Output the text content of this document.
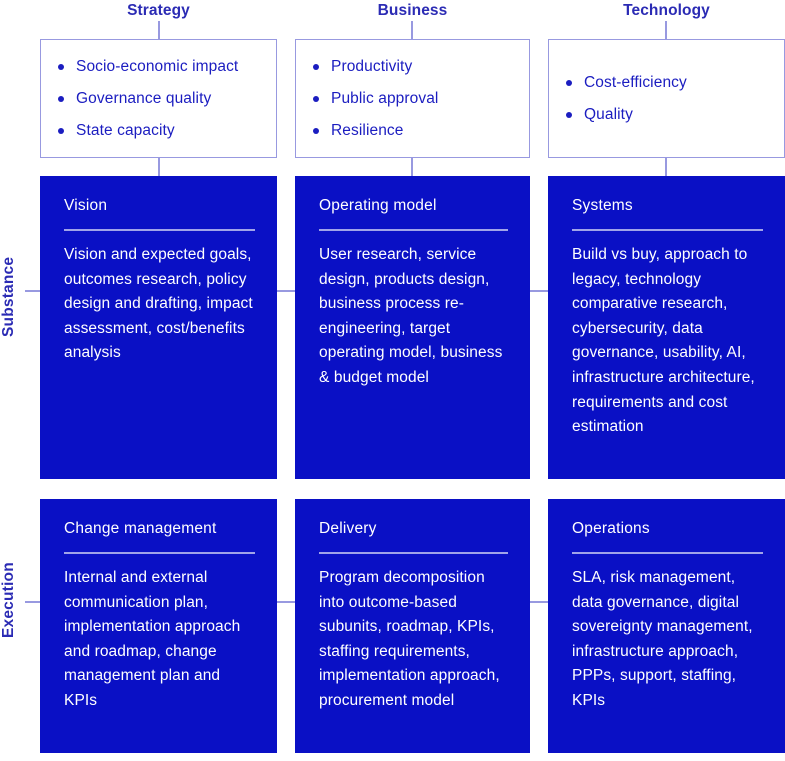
Strategy	Business	Technology
Substance
Execution
Socio-economic impact
Governance quality
State capacity
Productivity
Public approval
Resilience
Cost-efficiency
Quality
Vision
Vision and expected goals, outcomes research, policy design and drafting, impact assessment, cost/benefits analysis
Operating model
User research, service design, products design, business process re-engineering, target operating model, business & budget model
Systems
Build vs buy, approach to legacy, technology comparative research, cybersecurity, data governance, usability, AI, infrastructure architecture, requirements and cost estimation
Change management
Internal and external communication plan, implementation approach and roadmap, change management plan and KPIs
Delivery
Program decomposition into outcome-based subunits, roadmap, KPIs, staffing requirements, implementation approach, procurement model
Operations
SLA, risk management, data governance, digital sovereignty management, infrastructure approach, PPPs, support, staffing, KPIs
